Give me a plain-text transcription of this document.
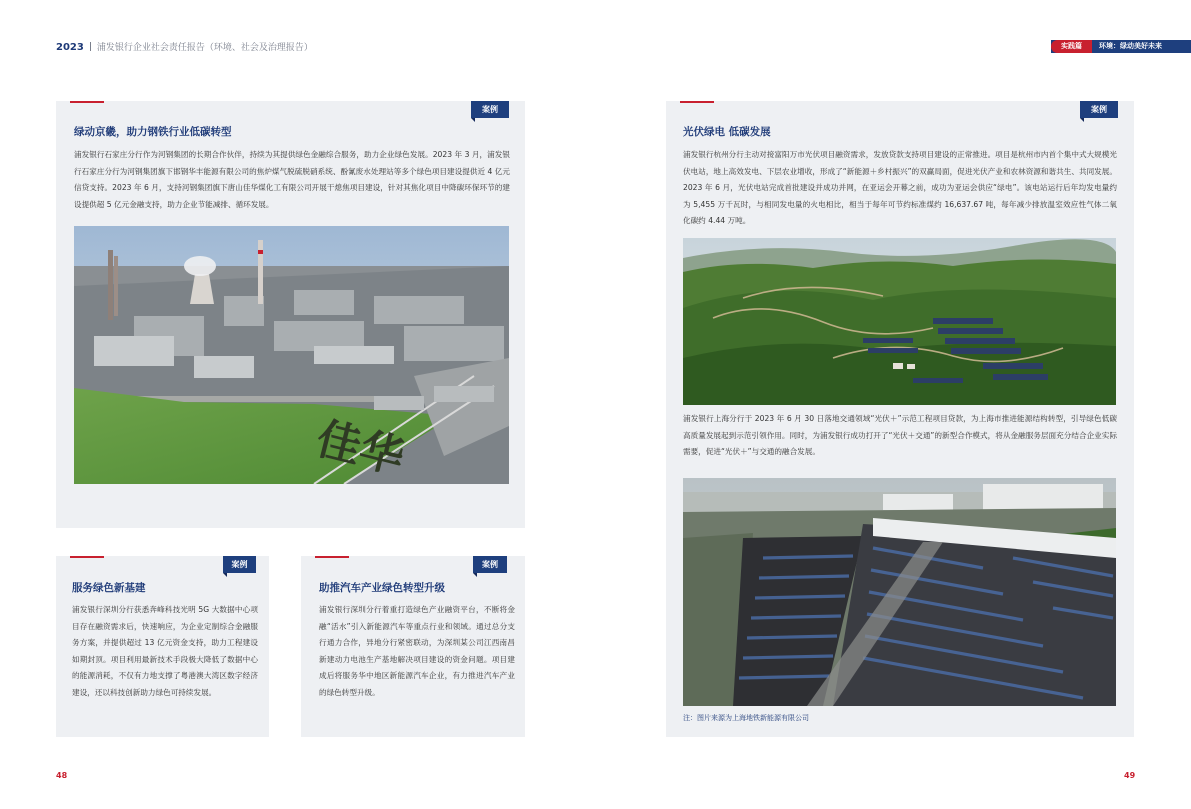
2023 浦发银行企业社会责任报告（环境、社会及治理报告）	实践篇	环境：绿动美好未来
案例
绿动京畿，助力钢铁行业低碳转型

浦发银行石家庄分行作为河钢集团的长期合作伙伴，持续为其提供绿色金融综合服务，助力企业绿色发展。2023 年 3 月，浦发银行石家庄分行为河钢集团旗下邯钢华丰能源有限公司的焦炉煤气脱硫脱硝系统、酚氰废水处理站等多个绿色项目建设提供近 4 亿元信贷支持。2023 年 6 月，支持河钢集团旗下唐山佳华煤化工有限公司开展干熄焦项目建设，针对其焦化项目中降碳环保环节的建设提供超 5 亿元金融支持，助力企业节能减排、循环发展。

佳华
案例
服务绿色新基建

浦发银行深圳分行获悉奔峰科技光明 5G 大数据中心项目存在融资需求后，快速响应，为企业定制综合金融服务方案，并提供超过 13 亿元资金支持，助力工程建设如期封顶。项目利用最新技术手段极大降低了数据中心的能源消耗，不仅有力地支撑了粤港澳大湾区数字经济建设，还以科技创新助力绿色可持续发展。

案例
助推汽车产业绿色转型升级

浦发银行深圳分行着重打造绿色产业融资平台，不断将金融“活水”引入新能源汽车等重点行业和领域。通过总分支行通力合作，异地分行紧密联动，为深圳某公司江西南昌新建动力电池生产基地解决项目建设的资金问题。项目建成后将服务华中地区新能源汽车企业，有力推进汽车产业的绿色转型升级。

案例
光伏绿电 低碳发展

浦发银行杭州分行主动对接富阳万市光伏项目融资需求，发放贷款支持项目建设的正常推进。项目是杭州市内首个集中式大规模光伏电站，地上高效发电、下层农业增收，形成了“新能源＋乡村振兴”的双赢局面，促进光伏产业和农林资源和谐共生、共同发展。2023 年 6 月，光伏电站完成首批建设并成功并网，在亚运会开幕之前，成功为亚运会供应“绿电”。该电站运行后年均发电量约为 5,455 万千瓦时，与相同发电量的火电相比，相当于每年可节约标准煤约 16,637.67 吨，每年减少排放温室效应性气体二氧化碳约 4.44 万吨。

浦发银行上海分行于 2023 年 6 月 30 日落地交通领域“光伏＋”示范工程项目贷款，为上海市推进能源结构转型，引导绿色低碳高质量发展起到示范引领作用。同时，为浦发银行成功打开了“光伏＋交通”的新型合作模式，将从金融服务层面充分结合企业实际需要，促进“光伏＋”与交通的融合发展。

注：图片来源为上海地铁新能源有限公司
48	49
